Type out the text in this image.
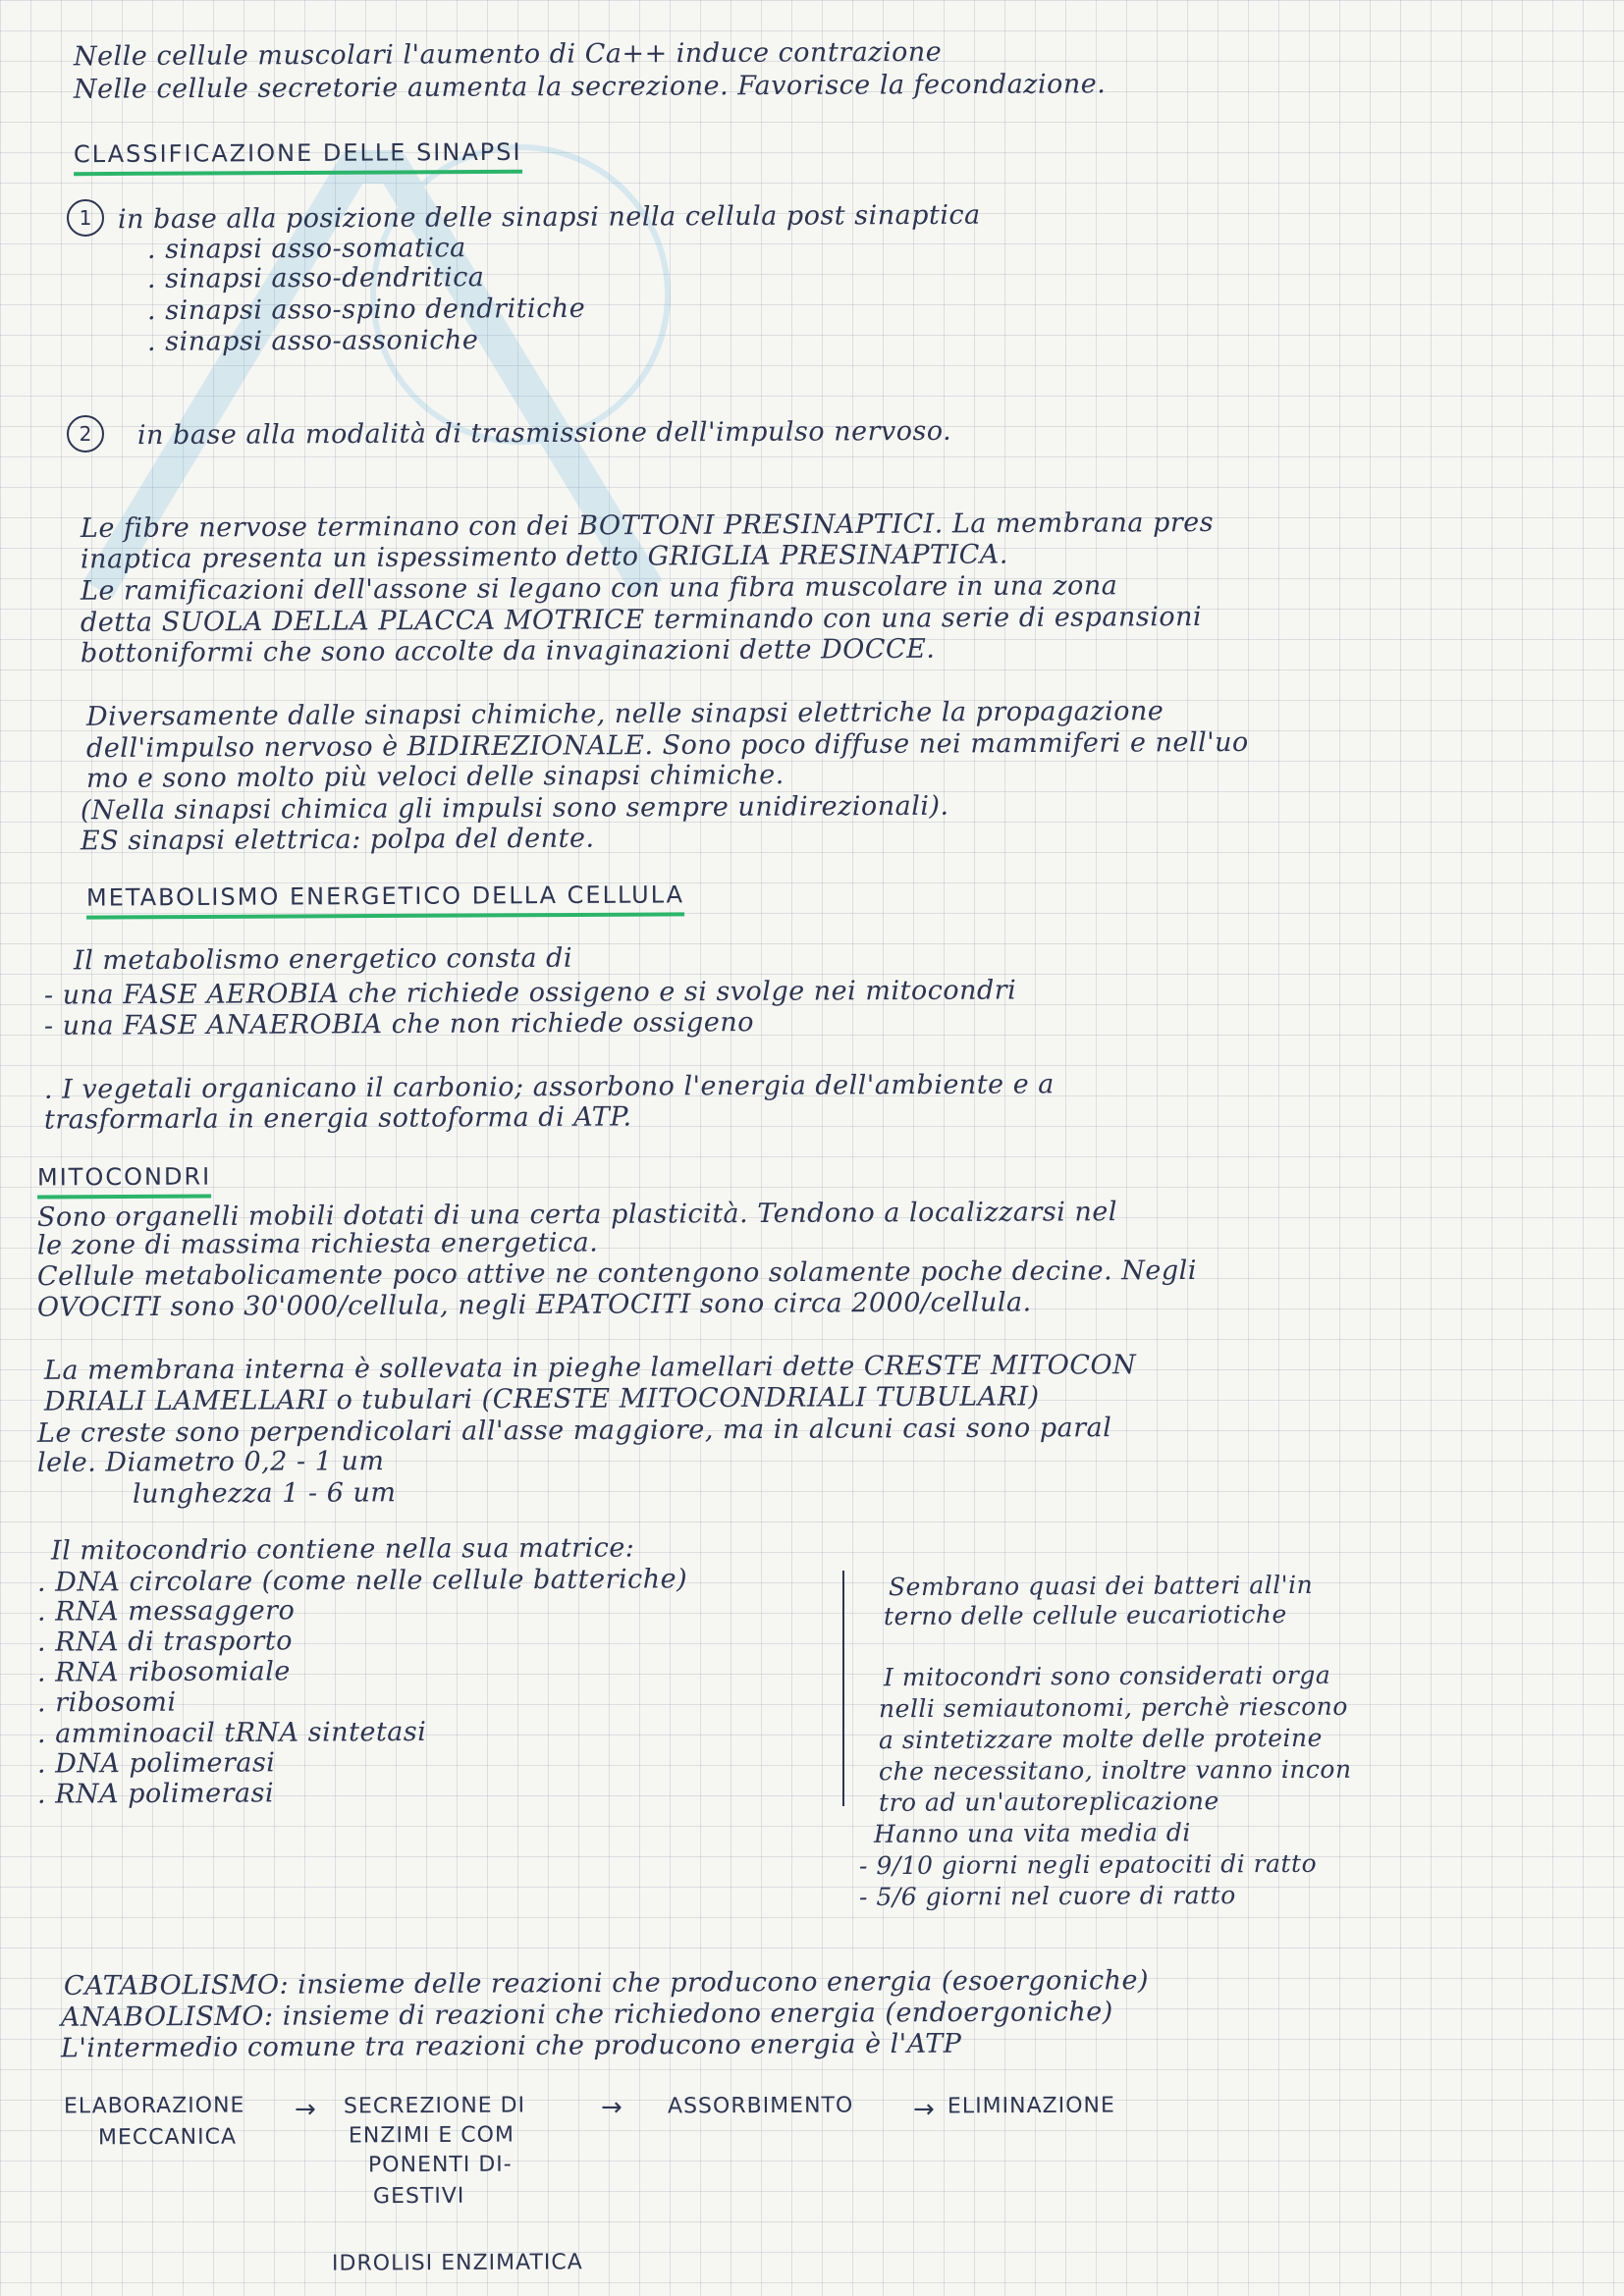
Nelle cellule muscolari l'aumento di Ca++ induce contrazione

Nelle cellule secretorie aumenta la secrezione. Favorisce la fecondazione.

CLASSIFICAZIONE DELLE SINAPSI

1 in base alla posizione delle sinapsi nella cellula post sinaptica

. sinapsi asso-somatica

. sinapsi asso-dendritica

. sinapsi asso-spino dendritiche

. sinapsi asso-assoniche

2	in base alla modalità di trasmissione dell'impulso nervoso.

Le fibre nervose terminano con dei BOTTONI PRESINAPTICI. La membrana pres

inaptica presenta un ispessimento detto GRIGLIA PRESINAPTICA.

Le ramificazioni dell'assone si legano con una fibra muscolare in una zona

detta SUOLA DELLA PLACCA MOTRICE terminando con una serie di espansioni

bottoniformi che sono accolte da invaginazioni dette DOCCE.

Diversamente dalle sinapsi chimiche, nelle sinapsi elettriche la propagazione

dell'impulso nervoso è BIDIREZIONALE. Sono poco diffuse nei mammiferi e nell'uo

mo e sono molto più veloci delle sinapsi chimiche.

(Nella sinapsi chimica gli impulsi sono sempre unidirezionali).

ES sinapsi elettrica: polpa del dente.

METABOLISMO ENERGETICO DELLA CELLULA

Il metabolismo energetico consta di

- una FASE AEROBIA che richiede ossigeno e si svolge nei mitocondri

- una FASE ANAEROBIA che non richiede ossigeno

. I vegetali organicano il carbonio; assorbono l'energia dell'ambiente e a

trasformarla in energia sottoforma di ATP.

MITOCONDRI

Sono organelli mobili dotati di una certa plasticità. Tendono a localizzarsi nel

le zone di massima richiesta energetica.

Cellule metabolicamente poco attive ne contengono solamente poche decine. Negli

OVOCITI sono 30'000/cellula, negli EPATOCITI sono circa 2000/cellula.

La membrana interna è sollevata in pieghe lamellari dette CRESTE MITOCON

DRIALI LAMELLARI o tubulari (CRESTE MITOCONDRIALI TUBULARI)

Le creste sono perpendicolari all'asse maggiore, ma in alcuni casi sono paral

lele. Diametro 0,2 - 1 um

lunghezza 1 - 6 um

Il mitocondrio contiene nella sua matrice:

. DNA circolare (come nelle cellule batteriche)

. RNA messaggero

. RNA di trasporto

. RNA ribosomiale

. ribosomi

. amminoacil tRNA sintetasi

. DNA polimerasi

. RNA polimerasi

Sembrano quasi dei batteri all'in

terno delle cellule eucariotiche

I mitocondri sono considerati orga

nelli semiautonomi, perchè riescono

a sintetizzare molte delle proteine

che necessitano, inoltre vanno incon

tro ad un'autoreplicazione

Hanno una vita media di

- 9/10 giorni negli epatociti di ratto

- 5/6 giorni nel cuore di ratto

CATABOLISMO: insieme delle reazioni che producono energia (esoergoniche)

ANABOLISMO: insieme di reazioni che richiedono energia (endoergoniche)

L'intermedio comune tra reazioni che producono energia è l'ATP

ELABORAZIONE

MECCANICA

→ SECREZIONE DI

ENZIMI E COM

PONENTI DI-

GESTIVI

→ ASSORBIMENTO → ELIMINAZIONE

IDROLISI ENZIMATICA
